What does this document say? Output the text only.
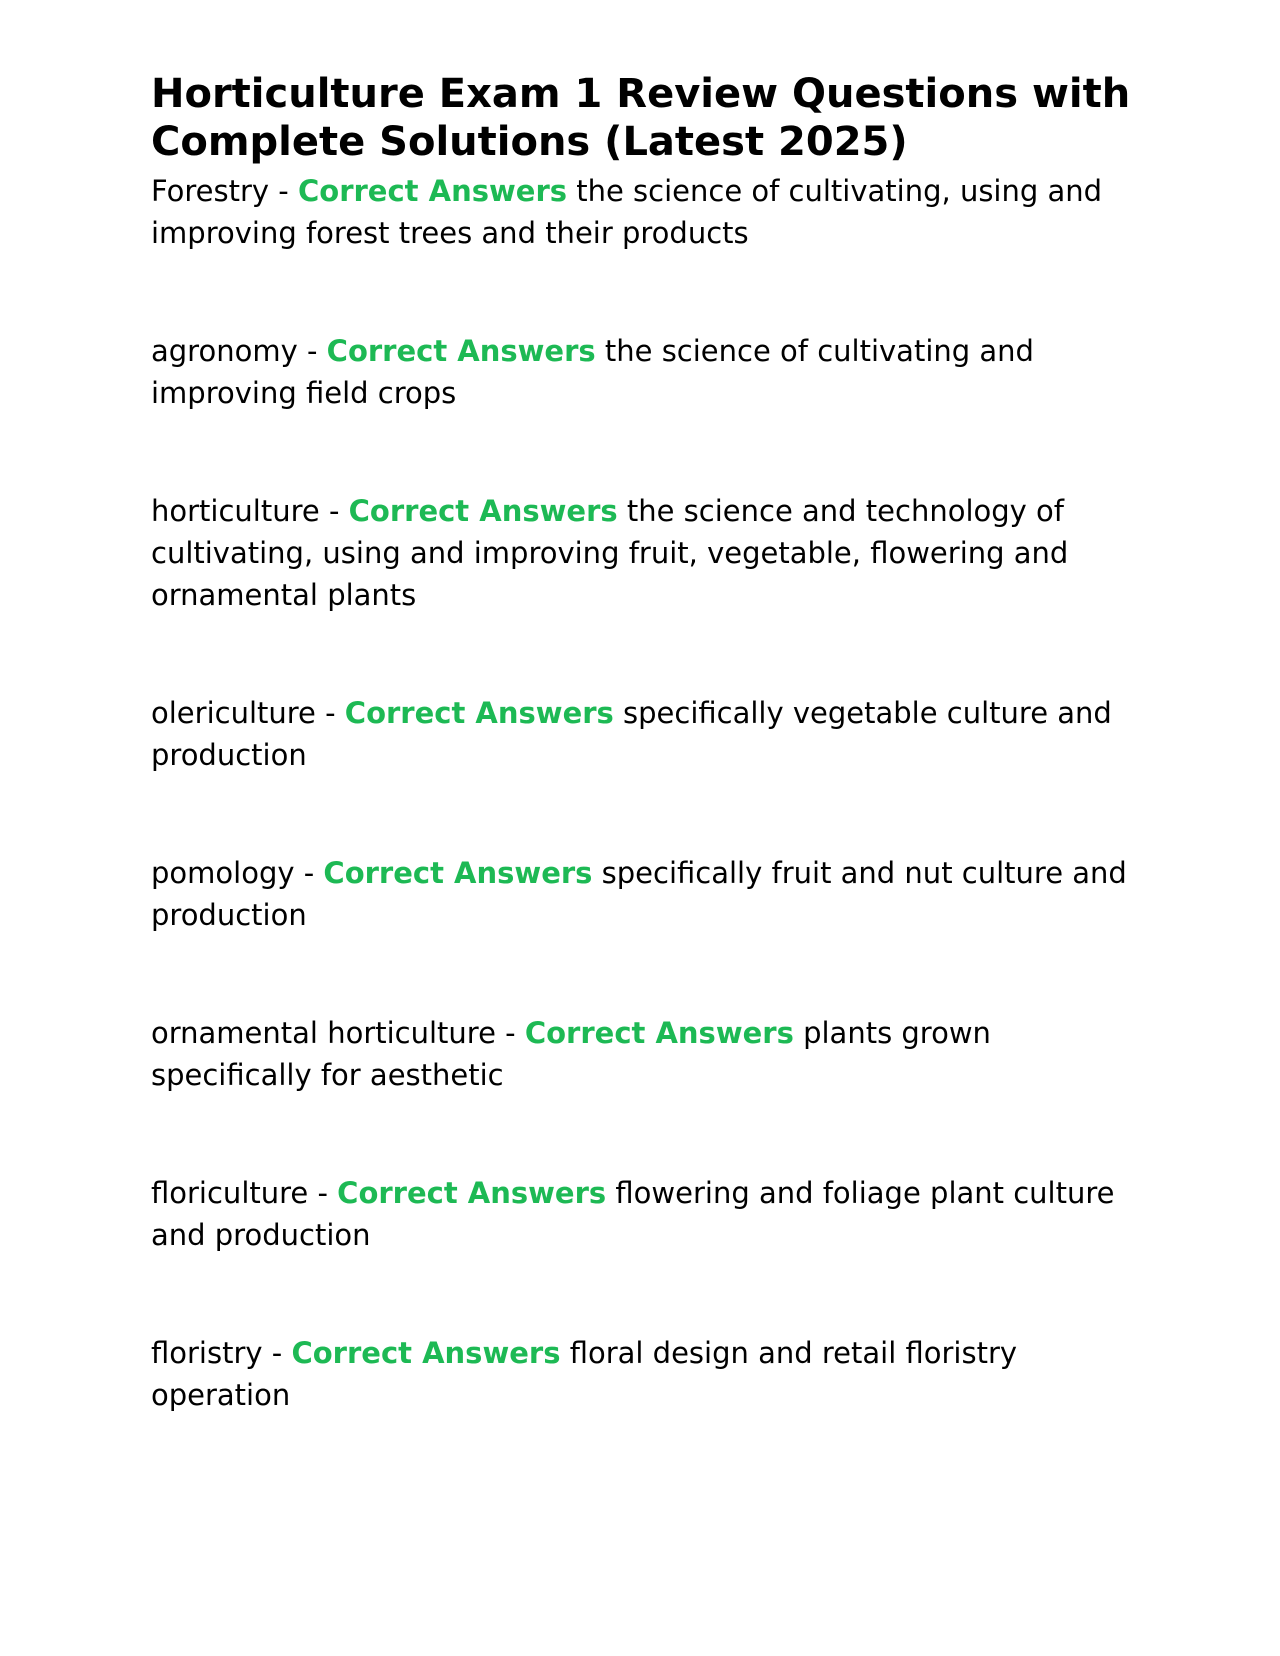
Horticulture Exam 1 Review Questions with Complete Solutions (Latest 2025)

Forestry - Correct Answers the science of cultivating, using and improving forest trees and their products

agronomy - Correct Answers the science of cultivating and improving field crops

horticulture - Correct Answers the science and technology of cultivating, using and improving fruit, vegetable, flowering and ornamental plants

olericulture - Correct Answers specifically vegetable culture and production

pomology - Correct Answers specifically fruit and nut culture and production

ornamental horticulture - Correct Answers plants grown specifically for aesthetic

floriculture - Correct Answers flowering and foliage plant culture and production

floristry - Correct Answers floral design and retail floristry operation
